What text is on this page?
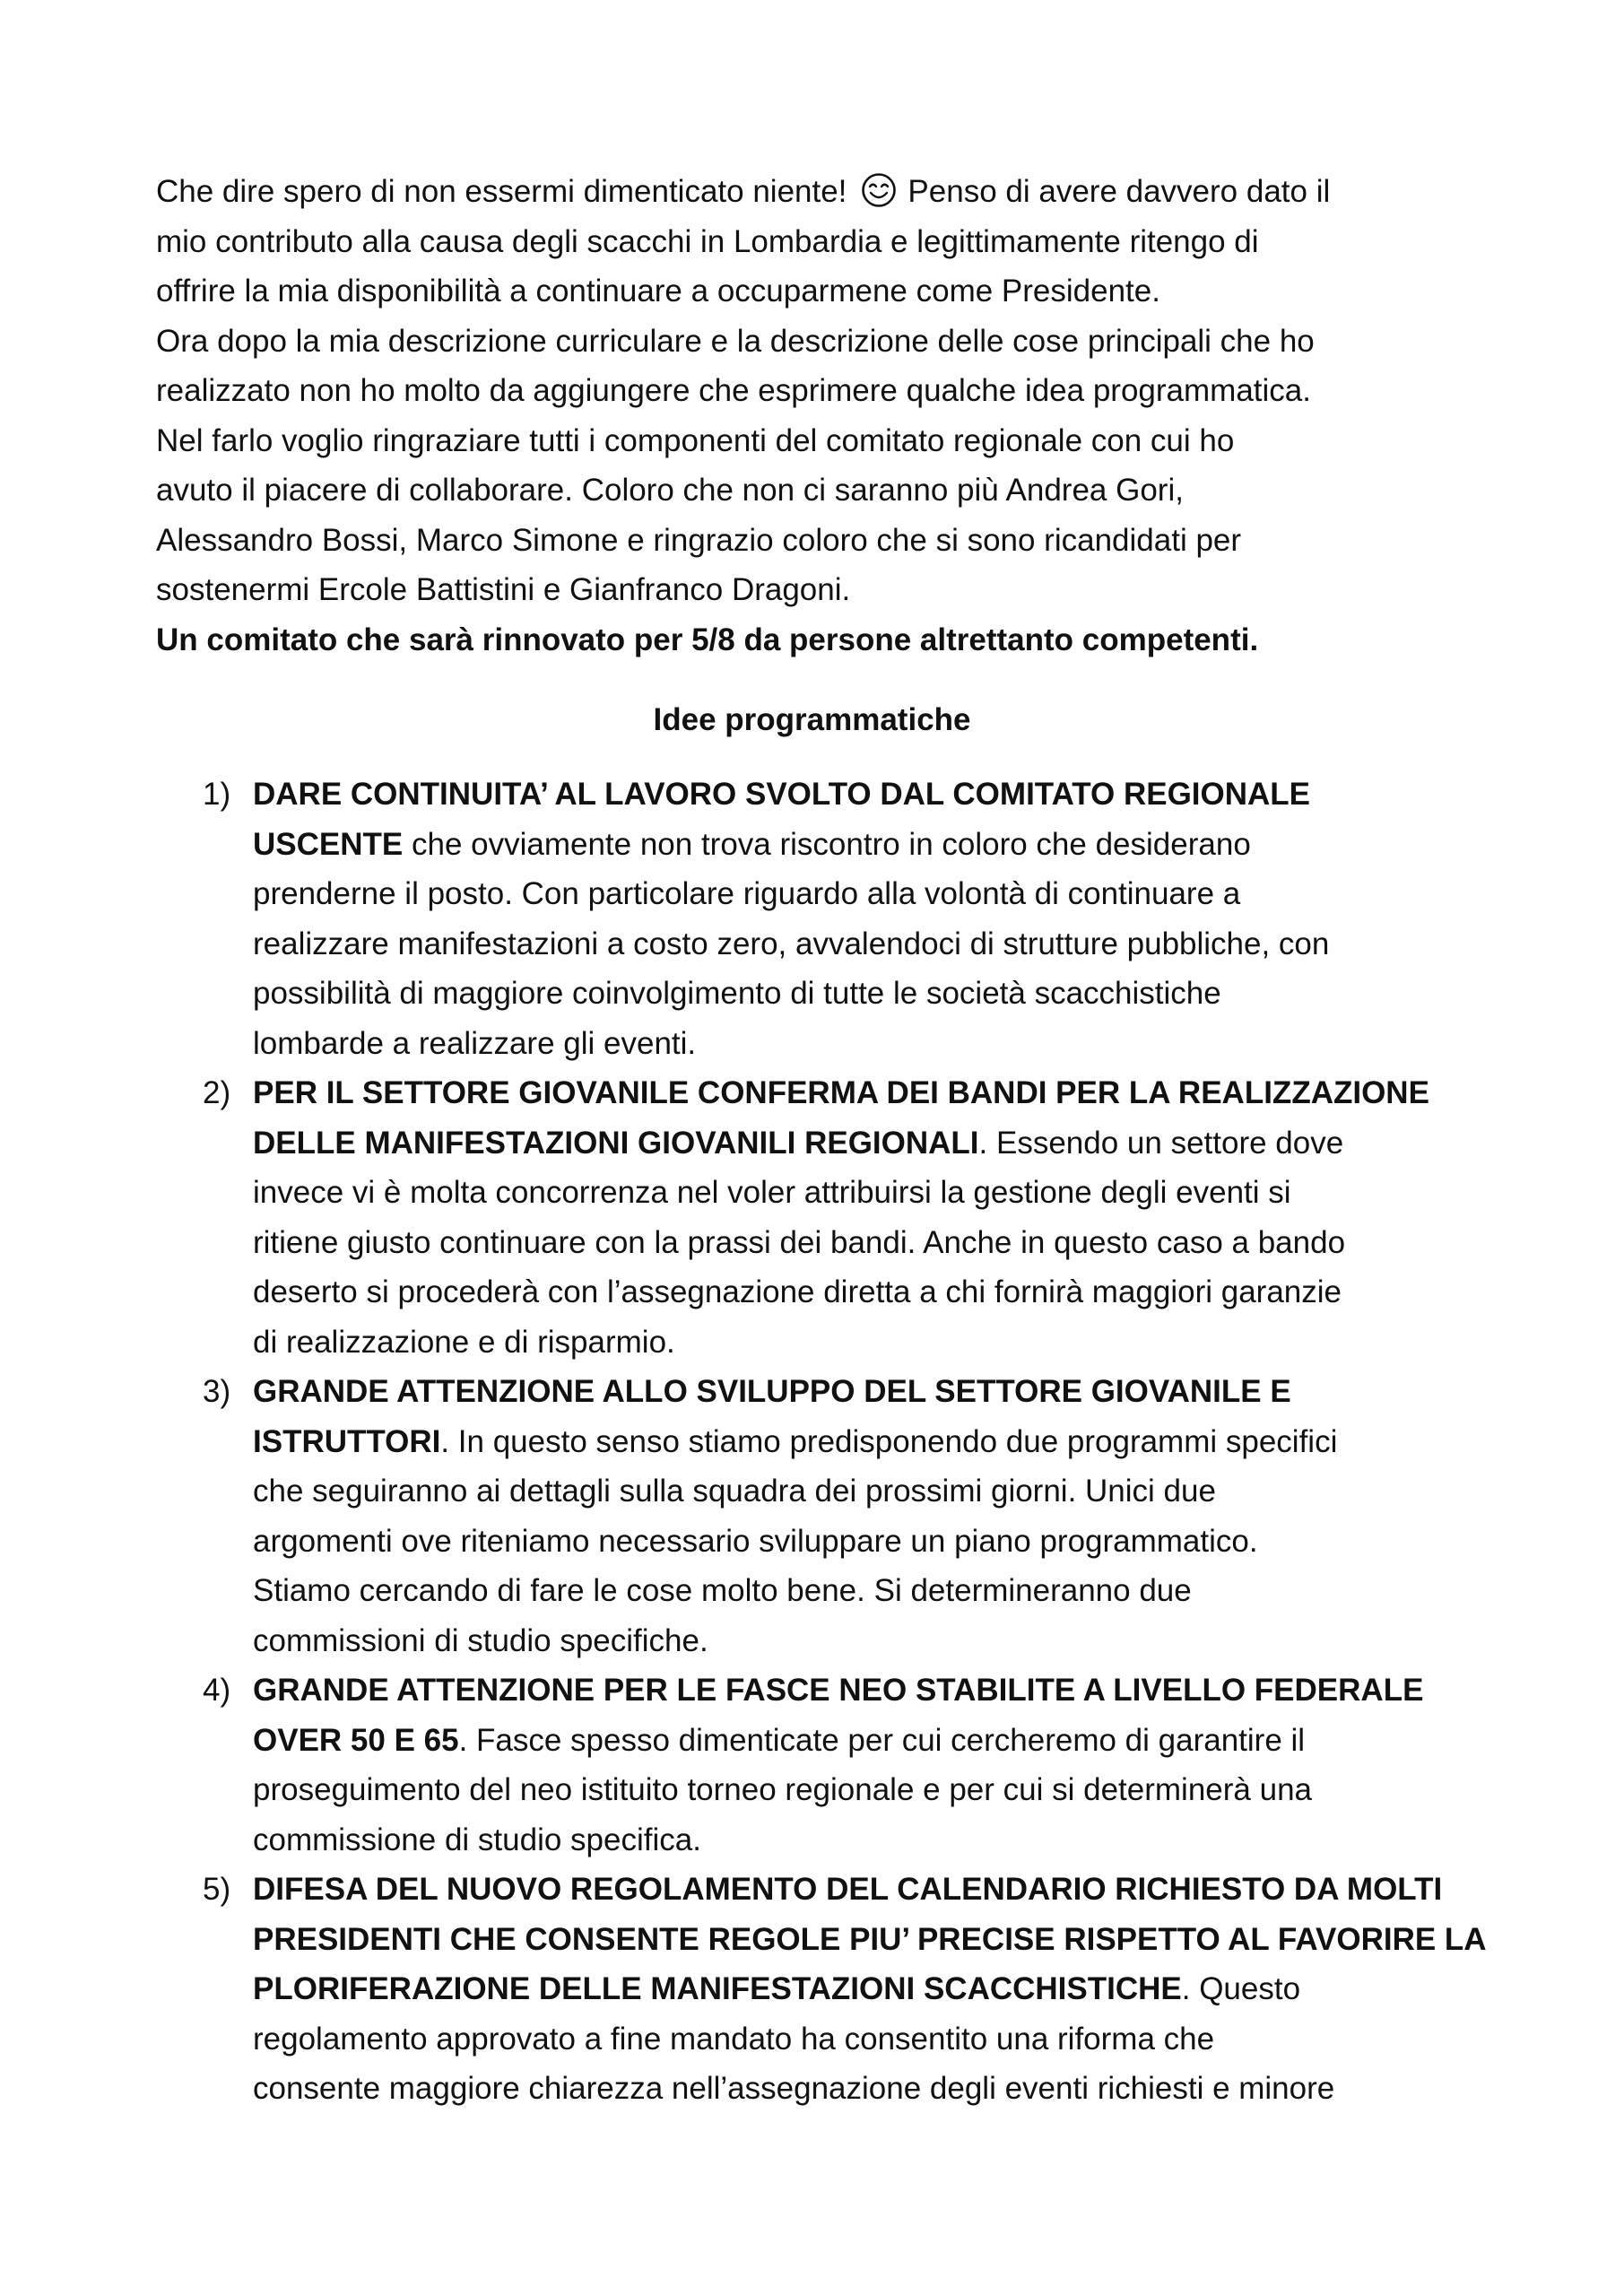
Che dire spero di non essermi dimenticato niente! Penso di avere davvero dato il

mio contributo alla causa degli scacchi in Lombardia e legittimamente ritengo di

offrire la mia disponibilità a continuare a occuparmene come Presidente.

Ora dopo la mia descrizione curriculare e la descrizione delle cose principali che ho

realizzato non ho molto da aggiungere che esprimere qualche idea programmatica.

Nel farlo voglio ringraziare tutti i componenti del comitato regionale con cui ho

avuto il piacere di collaborare. Coloro che non ci saranno più Andrea Gori,

Alessandro Bossi, Marco Simone e ringrazio coloro che si sono ricandidati per

sostenermi Ercole Battistini e Gianfranco Dragoni.

Un comitato che sarà rinnovato per 5/8 da persone altrettanto competenti.

Idee programmatiche
1) DARE CONTINUITA’ AL LAVORO SVOLTO DAL COMITATO REGIONALE
USCENTE che ovviamente non trova riscontro in coloro che desiderano
prenderne il posto. Con particolare riguardo alla volontà di continuare a
realizzare manifestazioni a costo zero, avvalendoci di strutture pubbliche, con
possibilità di maggiore coinvolgimento di tutte le società scacchistiche
lombarde a realizzare gli eventi.
2) PER IL SETTORE GIOVANILE CONFERMA DEI BANDI PER LA REALIZZAZIONE
DELLE MANIFESTAZIONI GIOVANILI REGIONALI. Essendo un settore dove
invece vi è molta concorrenza nel voler attribuirsi la gestione degli eventi si
ritiene giusto continuare con la prassi dei bandi. Anche in questo caso a bando
deserto si procederà con l’assegnazione diretta a chi fornirà maggiori garanzie
di realizzazione e di risparmio.
3) GRANDE ATTENZIONE ALLO SVILUPPO DEL SETTORE GIOVANILE E
ISTRUTTORI. In questo senso stiamo predisponendo due programmi specifici
che seguiranno ai dettagli sulla squadra dei prossimi giorni. Unici due
argomenti ove riteniamo necessario sviluppare un piano programmatico.
Stiamo cercando di fare le cose molto bene. Si determineranno due
commissioni di studio specifiche.
4) GRANDE ATTENZIONE PER LE FASCE NEO STABILITE A LIVELLO FEDERALE
OVER 50 E 65. Fasce spesso dimenticate per cui cercheremo di garantire il
proseguimento del neo istituito torneo regionale e per cui si determinerà una
commissione di studio specifica.
5) DIFESA DEL NUOVO REGOLAMENTO DEL CALENDARIO RICHIESTO DA MOLTI
PRESIDENTI CHE CONSENTE REGOLE PIU’ PRECISE RISPETTO AL FAVORIRE LA
PLORIFERAZIONE DELLE MANIFESTAZIONI SCACCHISTICHE. Questo
regolamento approvato a fine mandato ha consentito una riforma che
consente maggiore chiarezza nell’assegnazione degli eventi richiesti e minore
